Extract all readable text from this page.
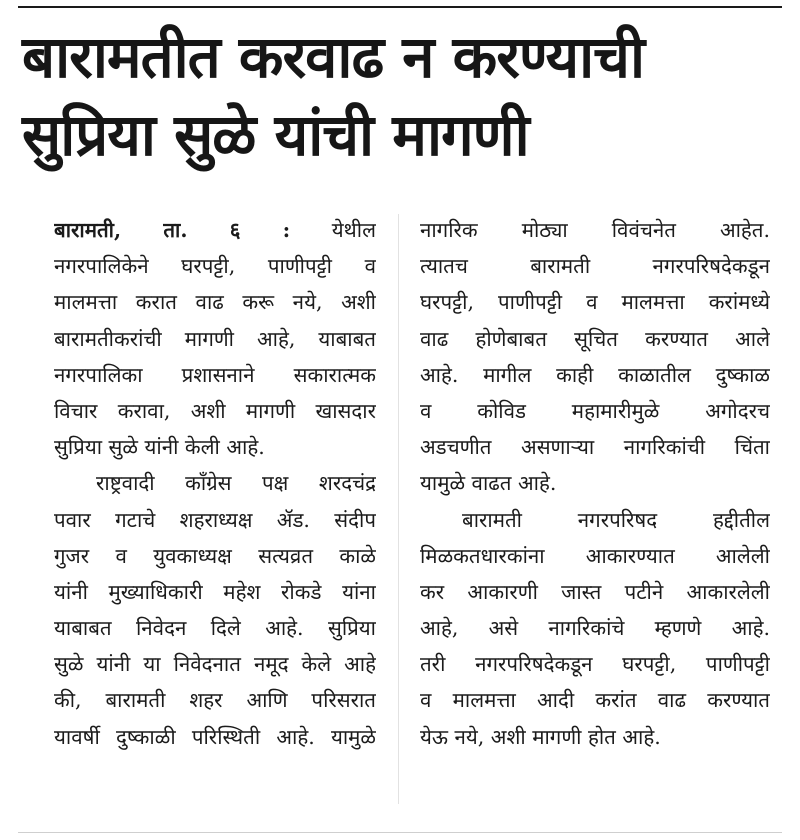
बारामतीत करवाढ न करण्याची
सुप्रिया सुळे यांची मागणी
बारामती, ता. ६ : येथील
नगरपालिकेने घरपट्टी, पाणीपट्टी व
मालमत्ता करात वाढ करू नये, अशी
बारामतीकरांची मागणी आहे, याबाबत
नगरपालिका प्रशासनाने सकारात्मक
विचार करावा, अशी मागणी खासदार
सुप्रिया सुळे यांनी केली आहे.
राष्ट्रवादी काँग्रेस पक्ष शरदचंद्र
पवार गटाचे शहराध्यक्ष ॲड. संदीप
गुजर व युवकाध्यक्ष सत्यव्रत काळे
यांनी मुख्याधिकारी महेश रोकडे यांना
याबाबत निवेदन दिले आहे. सुप्रिया
सुळे यांनी या निवेदनात नमूद केले आहे
की, बारामती शहर आणि परिसरात
यावर्षी दुष्काळी परिस्थिती आहे. यामुळे
नागरिक मोठ्या विवंचनेत आहेत.
त्यातच बारामती नगरपरिषदेकडून
घरपट्टी, पाणीपट्टी व मालमत्ता करांमध्ये
वाढ होणेबाबत सूचित करण्यात आले
आहे. मागील काही काळातील दुष्काळ
व कोविड महामारीमुळे अगोदरच
अडचणीत असणाऱ्या नागरिकांची चिंता
यामुळे वाढत आहे.
बारामती नगरपरिषद हद्दीतील
मिळकतधारकांना आकारण्यात आलेली
कर आकारणी जास्त पटीने आकारलेली
आहे, असे नागरिकांचे म्हणणे आहे.
तरी नगरपरिषदेकडून घरपट्टी, पाणीपट्टी
व मालमत्ता आदी करांत वाढ करण्यात
येऊ नये, अशी मागणी होत आहे.
